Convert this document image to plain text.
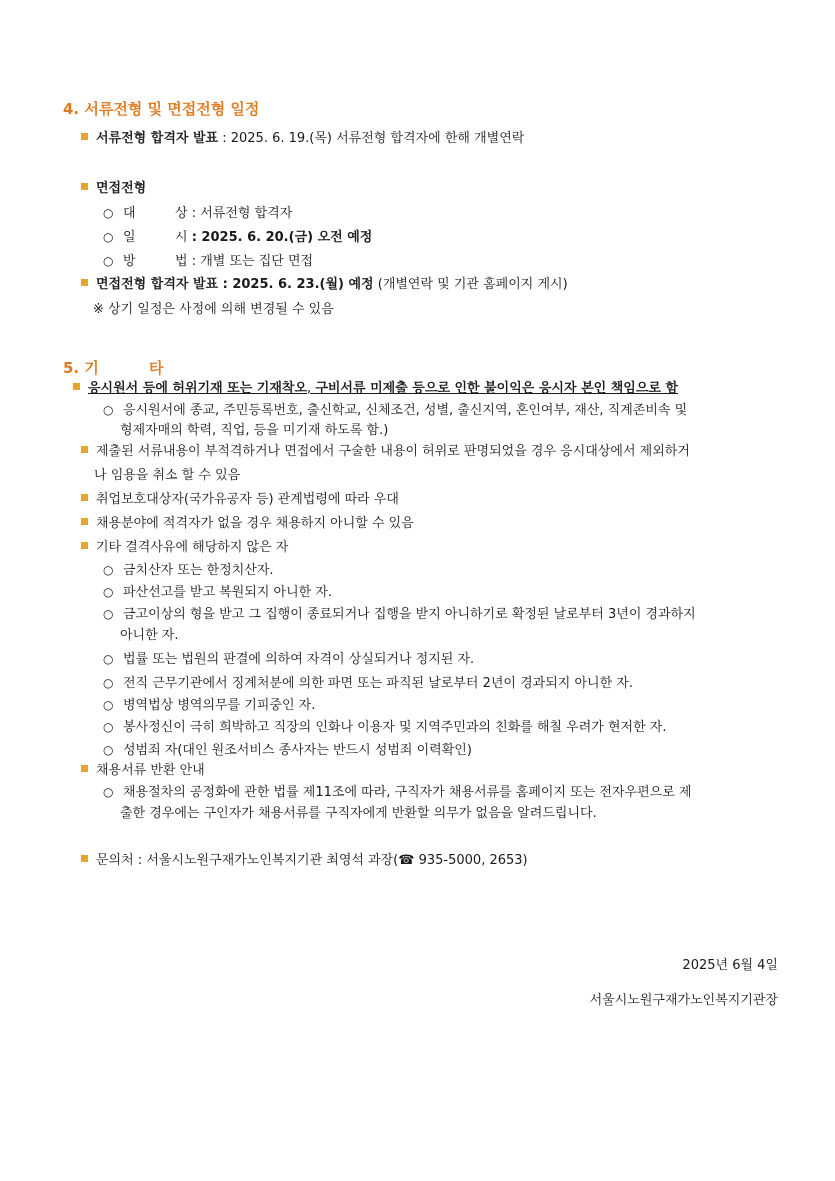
4. 서류전형 및 면접전형 일정
서류전형 합격자 발표 : 2025. 6. 19.(목) 서류전형 합격자에 한해 개별연락
면접전형
○ 대	상 : 서류전형 합격자
○ 일	시 : 2025. 6. 20.(금) 오전 예정
○ 방	법 : 개별 또는 집단 면접
면접전형 합격자 발표 : 2025. 6. 23.(월) 예정 (개별연락 및 기관 홈페이지 게시)
※ 상기 일정은 사정에 의해 변경될 수 있음
5. 기	타
응시원서 등에 허위기재 또는 기재착오, 구비서류 미제출 등으로 인한 불이익은 응시자 본인 책임으로 함
○ 응시원서에 종교, 주민등록번호, 출신학교, 신체조건, 성별, 출신지역, 혼인여부, 재산, 직계존비속 및
형제자매의 학력, 직업, 등을 미기재 하도록 함.)
제출된 서류내용이 부적격하거나 면접에서 구술한 내용이 허위로 판명되었을 경우 응시대상에서 제외하거
나 임용을 취소 할 수 있음
취업보호대상자(국가유공자 등) 관계법령에 따라 우대
채용분야에 적격자가 없을 경우 채용하지 아니할 수 있음
기타 결격사유에 해당하지 않은 자
○ 금치산자 또는 한정치산자.
○ 파산선고를 받고 복원되지 아니한 자.
○ 금고이상의 형을 받고 그 집행이 종료되거나 집행을 받지 아니하기로 확정된 날로부터 3년이 경과하지
아니한 자.
○ 법률 또는 법원의 판결에 의하여 자격이 상실되거나 정지된 자.
○ 전직 근무기관에서 징계처분에 의한 파면 또는 파직된 날로부터 2년이 경과되지 아니한 자.
○ 병역법상 병역의무를 기피중인 자.
○ 봉사정신이 극히 희박하고 직장의 인화나 이용자 및 지역주민과의 친화를 해칠 우려가 현저한 자.
○ 성범죄 자(대인 원조서비스 종사자는 반드시 성범죄 이력확인)
채용서류 반환 안내
○ 채용절차의 공정화에 관한 법률 제11조에 따라, 구직자가 채용서류를 홈페이지 또는 전자우편으로 제
출한 경우에는 구인자가 채용서류를 구직자에게 반환할 의무가 없음을 알려드립니다.
문의처 : 서울시노원구재가노인복지기관 최영석 과장(☎ 935-5000, 2653)
2025년 6월 4일
서울시노원구재가노인복지기관장
